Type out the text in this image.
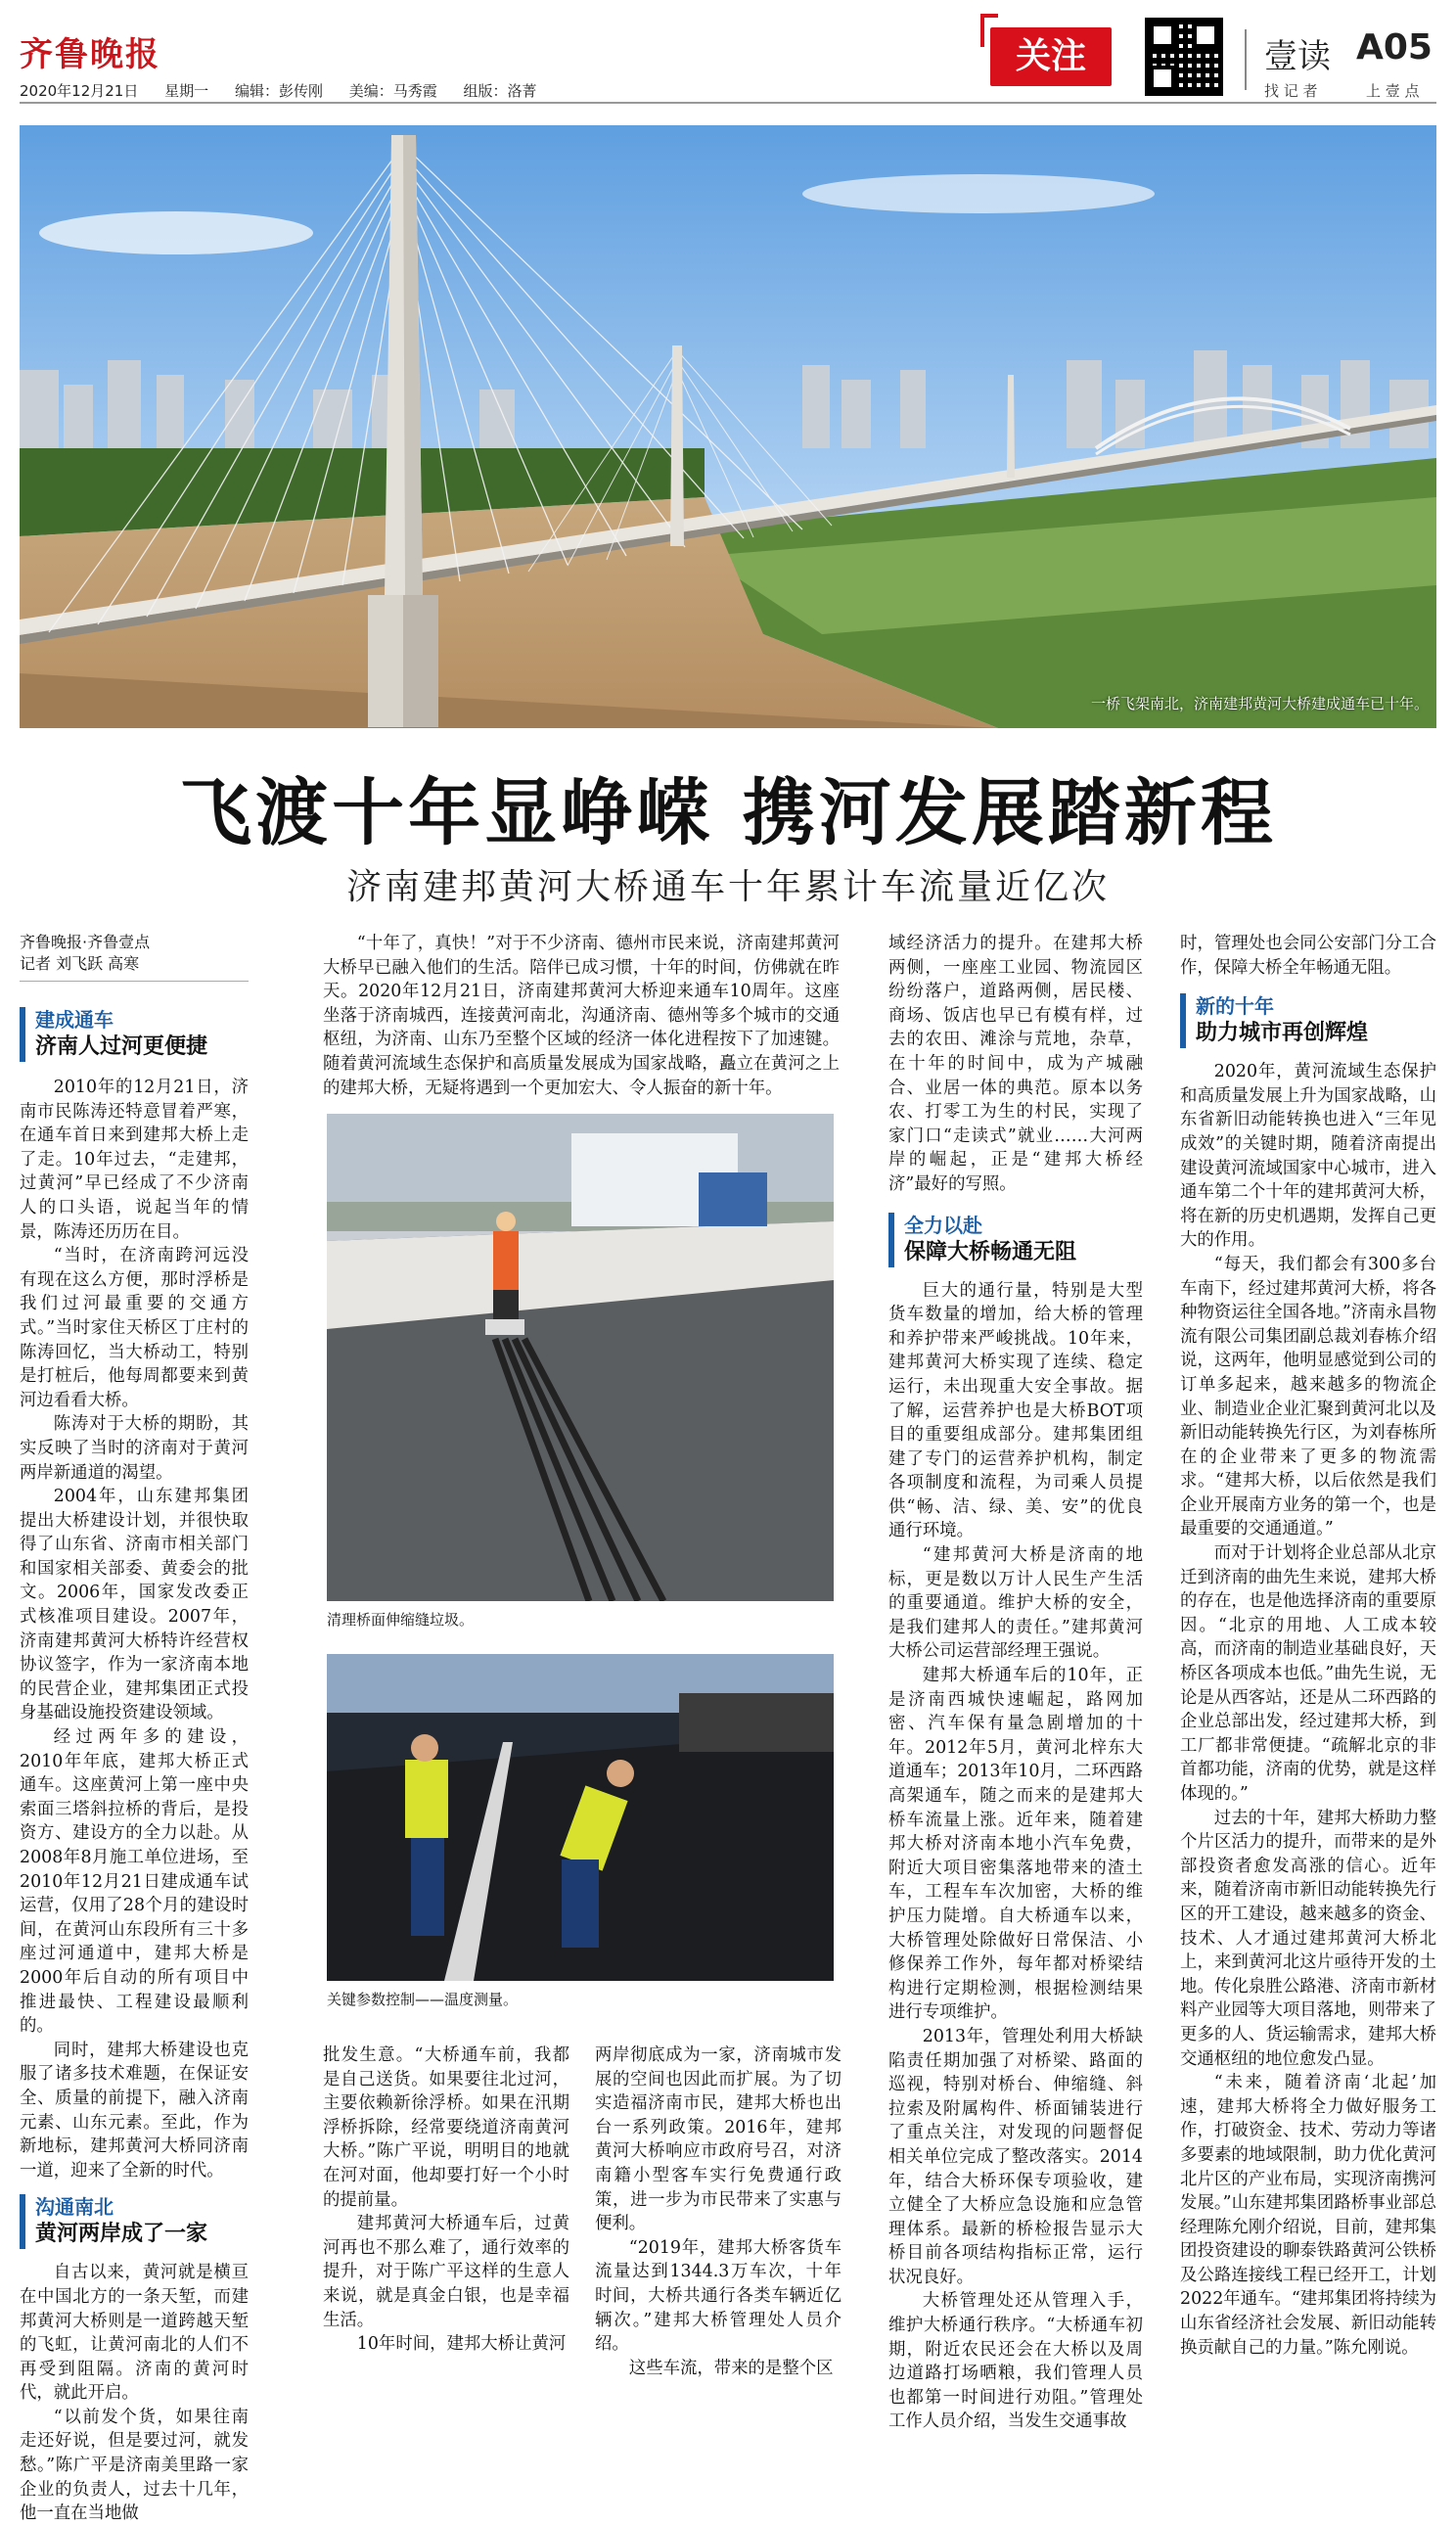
齐鲁晚报
2020年12月21日 星期一 编辑：彭传刚 美编：马秀霞 组版：洛菁
关注	壹读 A05
找 记 者	上 壹 点
一桥飞架南北，济南建邦黄河大桥建成通车已十年。
飞渡十年显峥嵘 携河发展踏新程
济南建邦黄河大桥通车十年累计车流量近亿次
齐鲁晚报·齐鲁壹点
记者 刘飞跃 高寒
建成通车
济南人过河更便捷

2010年的12月21日，济南市民陈涛还特意冒着严寒，在通车首日来到建邦大桥上走了走。10年过去，“走建邦，过黄河”早已经成了不少济南人的口头语，说起当年的情景，陈涛还历历在目。

“当时，在济南跨河远没有现在这么方便，那时浮桥是我们过河最重要的交通方式。”当时家住天桥区丁庄村的陈涛回忆，当大桥动工，特别是打桩后，他每周都要来到黄河边看看大桥。

陈涛对于大桥的期盼，其实反映了当时的济南对于黄河两岸新通道的渴望。

2004年，山东建邦集团提出大桥建设计划，并很快取得了山东省、济南市相关部门和国家相关部委、黄委会的批文。2006年，国家发改委正式核准项目建设。2007年，济南建邦黄河大桥特许经营权协议签字，作为一家济南本地的民营企业，建邦集团正式投身基础设施投资建设领域。

经过两年多的建设，2010年年底，建邦大桥正式通车。这座黄河上第一座中央索面三塔斜拉桥的背后，是投资方、建设方的全力以赴。从2008年8月施工单位进场，至2010年12月21日建成通车试运营，仅用了28个月的建设时间，在黄河山东段所有三十多座过河通道中，建邦大桥是2000年后自动的所有项目中推进最快、工程建设最顺利的。

同时，建邦大桥建设也克服了诸多技术难题，在保证安全、质量的前提下，融入济南元素、山东元素。至此，作为新地标，建邦黄河大桥同济南一道，迎来了全新的时代。

沟通南北
黄河两岸成了一家

自古以来，黄河就是横亘在中国北方的一条天堑，而建邦黄河大桥则是一道跨越天堑的飞虹，让黄河南北的人们不再受到阻隔。济南的黄河时代，就此开启。

“以前发个货，如果往南走还好说，但是要过河，就发愁。”陈广平是济南美里路一家企业的负责人，过去十几年，他一直在当地做

“十年了，真快！”对于不少济南、德州市民来说，济南建邦黄河大桥早已融入他们的生活。陪伴已成习惯，十年的时间，仿佛就在昨天。2020年12月21日，济南建邦黄河大桥迎来通车10周年。这座坐落于济南城西，连接黄河南北，沟通济南、德州等多个城市的交通枢纽，为济南、山东乃至整个区域的经济一体化进程按下了加速键。随着黄河流域生态保护和高质量发展成为国家战略，矗立在黄河之上的建邦大桥，无疑将遇到一个更加宏大、令人振奋的新十年。

清理桥面伸缩缝垃圾。
关键参数控制——温度测量。

批发生意。“大桥通车前，我都是自己送货。如果要往北过河，主要依赖新徐浮桥。如果在汛期浮桥拆除，经常要绕道济南黄河大桥。”陈广平说，明明目的地就在河对面，他却要打好一个小时的提前量。

建邦黄河大桥通车后，过黄河再也不那么难了，通行效率的提升，对于陈广平这样的生意人来说，就是真金白银，也是幸福生活。

10年时间，建邦大桥让黄河

两岸彻底成为一家，济南城市发展的空间也因此而扩展。为了切实造福济南市民，建邦大桥也出台一系列政策。2016年，建邦黄河大桥响应市政府号召，对济南籍小型客车实行免费通行政策，进一步为市民带来了实惠与便利。

“2019年，建邦大桥客货车流量达到1344.3万车次，十年时间，大桥共通行各类车辆近亿辆次。”建邦大桥管理处人员介绍。

这些车流，带来的是整个区

域经济活力的提升。在建邦大桥两侧，一座座工业园、物流园区纷纷落户，道路两侧，居民楼、商场、饭店也早已有模有样，过去的农田、滩涂与荒地，杂草，在十年的时间中，成为产城融合、业居一体的典范。原本以务农、打零工为生的村民，实现了家门口“走读式”就业……大河两岸的崛起，正是“建邦大桥经济”最好的写照。

全力以赴
保障大桥畅通无阻

巨大的通行量，特别是大型货车数量的增加，给大桥的管理和养护带来严峻挑战。10年来，建邦黄河大桥实现了连续、稳定运行，未出现重大安全事故。据了解，运营养护也是大桥BOT项目的重要组成部分。建邦集团组建了专门的运营养护机构，制定各项制度和流程，为司乘人员提供“畅、洁、绿、美、安”的优良通行环境。

“建邦黄河大桥是济南的地标，更是数以万计人民生产生活的重要通道。维护大桥的安全，是我们建邦人的责任。”建邦黄河大桥公司运营部经理王强说。

建邦大桥通车后的10年，正是济南西城快速崛起，路网加密、汽车保有量急剧增加的十年。2012年5月，黄河北梓东大道通车；2013年10月，二环西路高架通车，随之而来的是建邦大桥车流量上涨。近年来，随着建邦大桥对济南本地小汽车免费，附近大项目密集落地带来的渣土车，工程车车次加密，大桥的维护压力陡增。自大桥通车以来，大桥管理处除做好日常保洁、小修保养工作外，每年都对桥梁结构进行定期检测，根据检测结果进行专项维护。

2013年，管理处利用大桥缺陷责任期加强了对桥梁、路面的巡视，特别对桥台、伸缩缝、斜拉索及附属构件、桥面铺装进行了重点关注，对发现的问题督促相关单位完成了整改落实。2014年，结合大桥环保专项验收，建立健全了大桥应急设施和应急管理体系。最新的桥检报告显示大桥目前各项结构指标正常，运行状况良好。

大桥管理处还从管理入手，维护大桥通行秩序。“大桥通车初期，附近农民还会在大桥以及周边道路打场晒粮，我们管理人员也都第一时间进行劝阻。”管理处工作人员介绍，当发生交通事故

时，管理处也会同公安部门分工合作，保障大桥全年畅通无阻。

新的十年
助力城市再创辉煌

2020年，黄河流域生态保护和高质量发展上升为国家战略，山东省新旧动能转换也进入“三年见成效”的关键时期，随着济南提出建设黄河流域国家中心城市，进入通车第二个十年的建邦黄河大桥，将在新的历史机遇期，发挥自己更大的作用。

“每天，我们都会有300多台车南下，经过建邦黄河大桥，将各种物资运往全国各地。”济南永昌物流有限公司集团副总裁刘春栋介绍说，这两年，他明显感觉到公司的订单多起来，越来越多的物流企业、制造业企业汇聚到黄河北以及新旧动能转换先行区，为刘春栋所在的企业带来了更多的物流需求。“建邦大桥，以后依然是我们企业开展南方业务的第一个，也是最重要的交通通道。”

而对于计划将企业总部从北京迁到济南的曲先生来说，建邦大桥的存在，也是他选择济南的重要原因。“北京的用地、人工成本较高，而济南的制造业基础良好，天桥区各项成本也低。”曲先生说，无论是从西客站，还是从二环西路的企业总部出发，经过建邦大桥，到工厂都非常便捷。“疏解北京的非首都功能，济南的优势，就是这样体现的。”

过去的十年，建邦大桥助力整个片区活力的提升，而带来的是外部投资者愈发高涨的信心。近年来，随着济南市新旧动能转换先行区的开工建设，越来越多的资金、技术、人才通过建邦黄河大桥北上，来到黄河北这片亟待开发的土地。传化泉胜公路港、济南市新材料产业园等大项目落地，则带来了更多的人、货运输需求，建邦大桥交通枢纽的地位愈发凸显。

“未来，随着济南‘北起’加速，建邦大桥将全力做好服务工作，打破资金、技术、劳动力等诸多要素的地域限制，助力优化黄河北片区的产业布局，实现济南携河发展。”山东建邦集团路桥事业部总经理陈允刚介绍说，目前，建邦集团投资建设的聊泰铁路黄河公铁桥及公路连接线工程已经开工，计划2022年通车。“建邦集团将持续为山东省经济社会发展、新旧动能转换贡献自己的力量。”陈允刚说。
